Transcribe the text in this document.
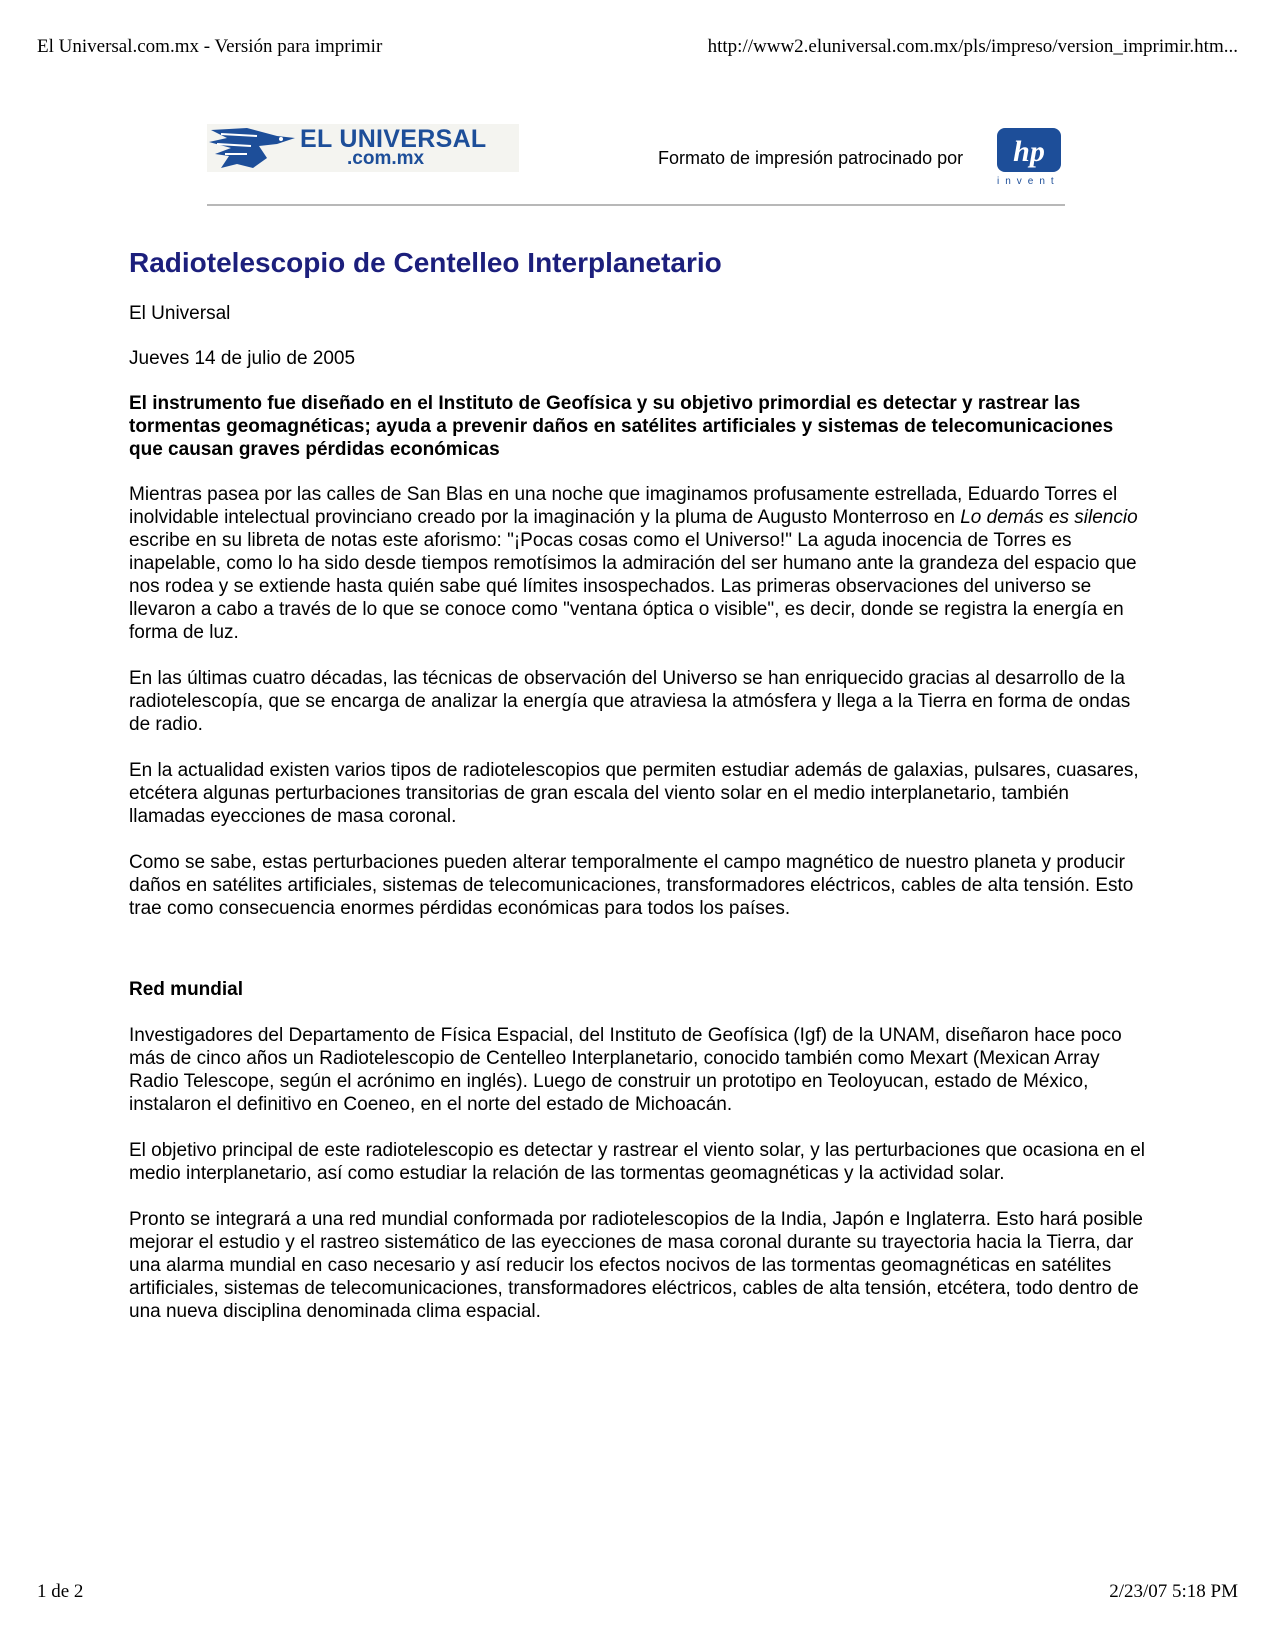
El Universal.com.mx - Versión para imprimir	http://www2.eluniversal.com.mx/pls/impreso/version_imprimir.htm...
EL UNIVERSAL
.com.mx	Formato de impresión patrocinado por hp
invent
Radiotelescopio de Centelleo Interplanetario
El Universal
Jueves 14 de julio de 2005
El instrumento fue diseñado en el Instituto de Geofísica y su objetivo primordial es detectar y rastrear las tormentas geomagnéticas; ayuda a prevenir daños en satélites artificiales y sistemas de telecomunicaciones que causan graves pérdidas económicas

Mientras pasea por las calles de San Blas en una noche que imaginamos profusamente estrellada, Eduardo Torres el inolvidable intelectual provinciano creado por la imaginación y la pluma de Augusto Monterroso en Lo demás es silencio escribe en su libreta de notas este aforismo: "¡Pocas cosas como el Universo!" La aguda inocencia de Torres es inapelable, como lo ha sido desde tiempos remotísimos la admiración del ser humano ante la grandeza del espacio que nos rodea y se extiende hasta quién sabe qué límites insospechados. Las primeras observaciones del universo se llevaron a cabo a través de lo que se conoce como "ventana óptica o visible", es decir, donde se registra la energía en forma de luz.

En las últimas cuatro décadas, las técnicas de observación del Universo se han enriquecido gracias al desarrollo de la radiotelescopía, que se encarga de analizar la energía que atraviesa la atmósfera y llega a la Tierra en forma de ondas de radio.

En la actualidad existen varios tipos de radiotelescopios que permiten estudiar además de galaxias, pulsares, cuasares, etcétera algunas perturbaciones transitorias de gran escala del viento solar en el medio interplanetario, también llamadas eyecciones de masa coronal.

Como se sabe, estas perturbaciones pueden alterar temporalmente el campo magnético de nuestro planeta y producir daños en satélites artificiales, sistemas de telecomunicaciones, transformadores eléctricos, cables de alta tensión. Esto trae como consecuencia enormes pérdidas económicas para todos los países.

Red mundial

Investigadores del Departamento de Física Espacial, del Instituto de Geofísica (Igf) de la UNAM, diseñaron hace poco más de cinco años un Radiotelescopio de Centelleo Interplanetario, conocido también como Mexart (Mexican Array Radio Telescope, según el acrónimo en inglés). Luego de construir un prototipo en Teoloyucan, estado de México, instalaron el definitivo en Coeneo, en el norte del estado de Michoacán.

El objetivo principal de este radiotelescopio es detectar y rastrear el viento solar, y las perturbaciones que ocasiona en el medio interplanetario, así como estudiar la relación de las tormentas geomagnéticas y la actividad solar.

Pronto se integrará a una red mundial conformada por radiotelescopios de la India, Japón e Inglaterra. Esto hará posible mejorar el estudio y el rastreo sistemático de las eyecciones de masa coronal durante su trayectoria hacia la Tierra, dar una alarma mundial en caso necesario y así reducir los efectos nocivos de las tormentas geomagnéticas en satélites artificiales, sistemas de telecomunicaciones, transformadores eléctricos, cables de alta tensión, etcétera, todo dentro de una nueva disciplina denominada clima espacial.

1 de 2	2/23/07 5:18 PM
